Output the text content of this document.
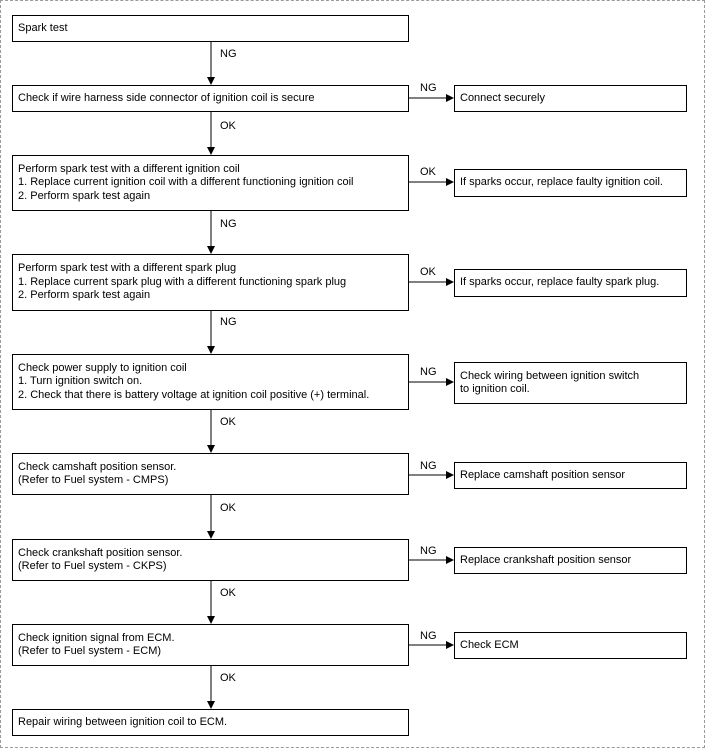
Spark test
NG
Check if wire harness side connector of ignition coil is secure
NG
Connect securely
OK
Perform spark test with a different ignition coil
1. Replace current ignition coil with a different functioning ignition coil
2. Perform spark test again
OK
If sparks occur, replace faulty ignition coil.
NG
Perform spark test with a different spark plug
1. Replace current spark plug with a different functioning spark plug
2. Perform spark test again
OK
If sparks occur, replace faulty spark plug.
NG
Check power supply to ignition coil
1. Turn ignition switch on.
2. Check that there is battery voltage at ignition coil positive (+) terminal.
NG Check wiring between ignition switch
to ignition coil.
OK
Check camshaft position sensor.
(Refer to Fuel system - CMPS)
NG
Replace camshaft position sensor
OK
Check crankshaft position sensor.
(Refer to Fuel system - CKPS)
NG
Replace crankshaft position sensor
OK
Check ignition signal from ECM.
(Refer to Fuel system - ECM)
NG
Check ECM
OK
Repair wiring between ignition coil to ECM.
